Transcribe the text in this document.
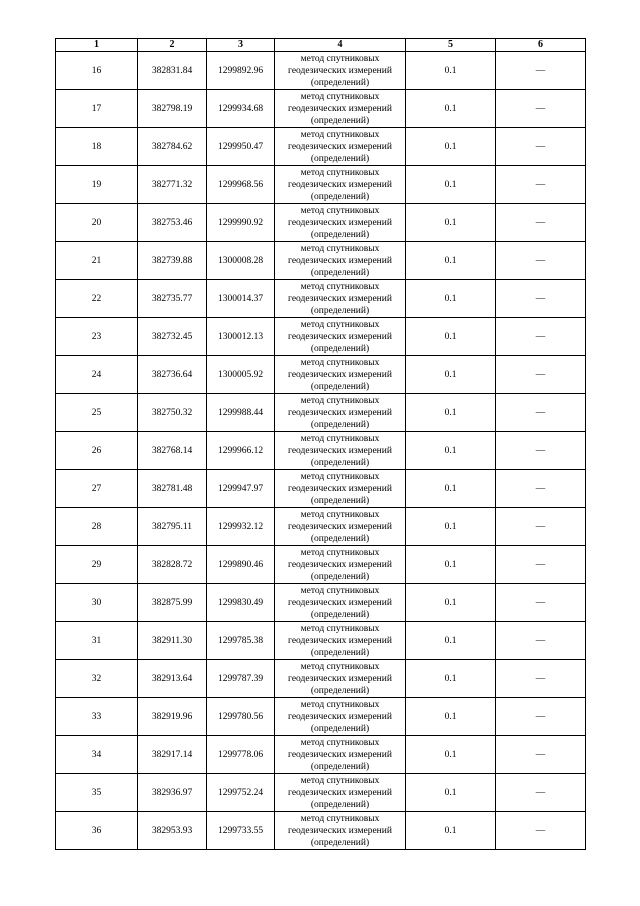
1	2	3	4	5	6
16	382831.84	1299892.96	метод спутниковых
геодезических измерений
(определений)	0.1	—
17	382798.19	1299934.68	метод спутниковых
геодезических измерений
(определений)	0.1	—
18	382784.62	1299950.47	метод спутниковых
геодезических измерений
(определений)	0.1	—
19	382771.32	1299968.56	метод спутниковых
геодезических измерений
(определений)	0.1	—
20	382753.46	1299990.92	метод спутниковых
геодезических измерений
(определений)	0.1	—
21	382739.88	1300008.28	метод спутниковых
геодезических измерений
(определений)	0.1	—
22	382735.77	1300014.37	метод спутниковых
геодезических измерений
(определений)	0.1	—
23	382732.45	1300012.13	метод спутниковых
геодезических измерений
(определений)	0.1	—
24	382736.64	1300005.92	метод спутниковых
геодезических измерений
(определений)	0.1	—
25	382750.32	1299988.44	метод спутниковых
геодезических измерений
(определений)	0.1	—
26	382768.14	1299966.12	метод спутниковых
геодезических измерений
(определений)	0.1	—
27	382781.48	1299947.97	метод спутниковых
геодезических измерений
(определений)	0.1	—
28	382795.11	1299932.12	метод спутниковых
геодезических измерений
(определений)	0.1	—
29	382828.72	1299890.46	метод спутниковых
геодезических измерений
(определений)	0.1	—
30	382875.99	1299830.49	метод спутниковых
геодезических измерений
(определений)	0.1	—
31	382911.30	1299785.38	метод спутниковых
геодезических измерений
(определений)	0.1	—
32	382913.64	1299787.39	метод спутниковых
геодезических измерений
(определений)	0.1	—
33	382919.96	1299780.56	метод спутниковых
геодезических измерений
(определений)	0.1	—
34	382917.14	1299778.06	метод спутниковых
геодезических измерений
(определений)	0.1	—
35	382936.97	1299752.24	метод спутниковых
геодезических измерений
(определений)	0.1	—
36	382953.93	1299733.55	метод спутниковых
геодезических измерений
(определений)	0.1	—
